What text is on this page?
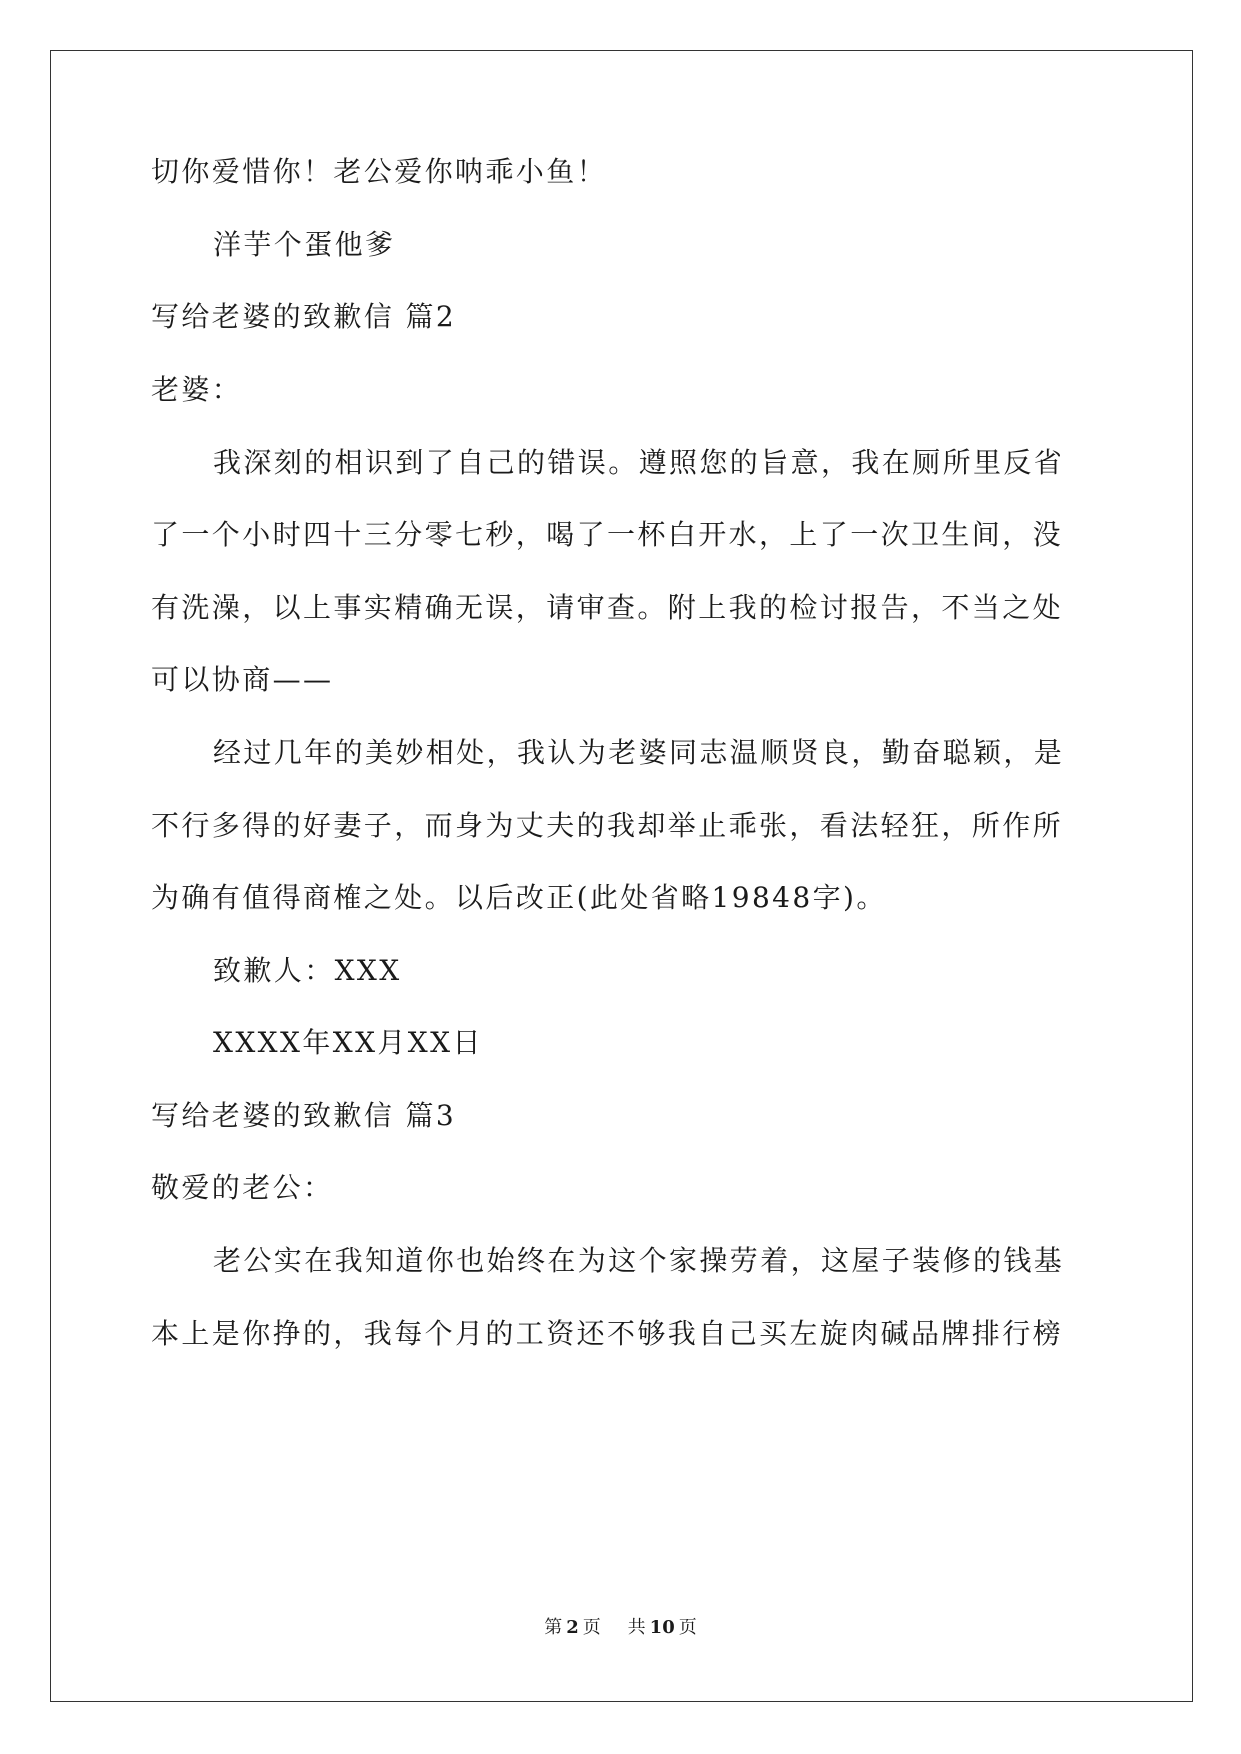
切你爱惜你！老公爱你呐乖小鱼！
洋芋个蛋他爹
写给老婆的致歉信 篇2
老婆：
我深刻的相识到了自己的错误。遵照您的旨意，我在厕所里反省
了一个小时四十三分零七秒，喝了一杯白开水，上了一次卫生间，没
有洗澡，以上事实精确无误，请审查。附上我的检讨报告，不当之处
可以协商——
经过几年的美妙相处，我认为老婆同志温顺贤良，勤奋聪颖，是
不行多得的好妻子，而身为丈夫的我却举止乖张，看法轻狂，所作所
为确有值得商榷之处。以后改正(此处省略19848字)。
致歉人：XXX
XXXX年XX月XX日
写给老婆的致歉信 篇3
敬爱的老公：
老公实在我知道你也始终在为这个家操劳着，这屋子装修的钱基
本上是你挣的，我每个月的工资还不够我自己买左旋肉碱品牌排行榜
第 2 页 共 10 页
